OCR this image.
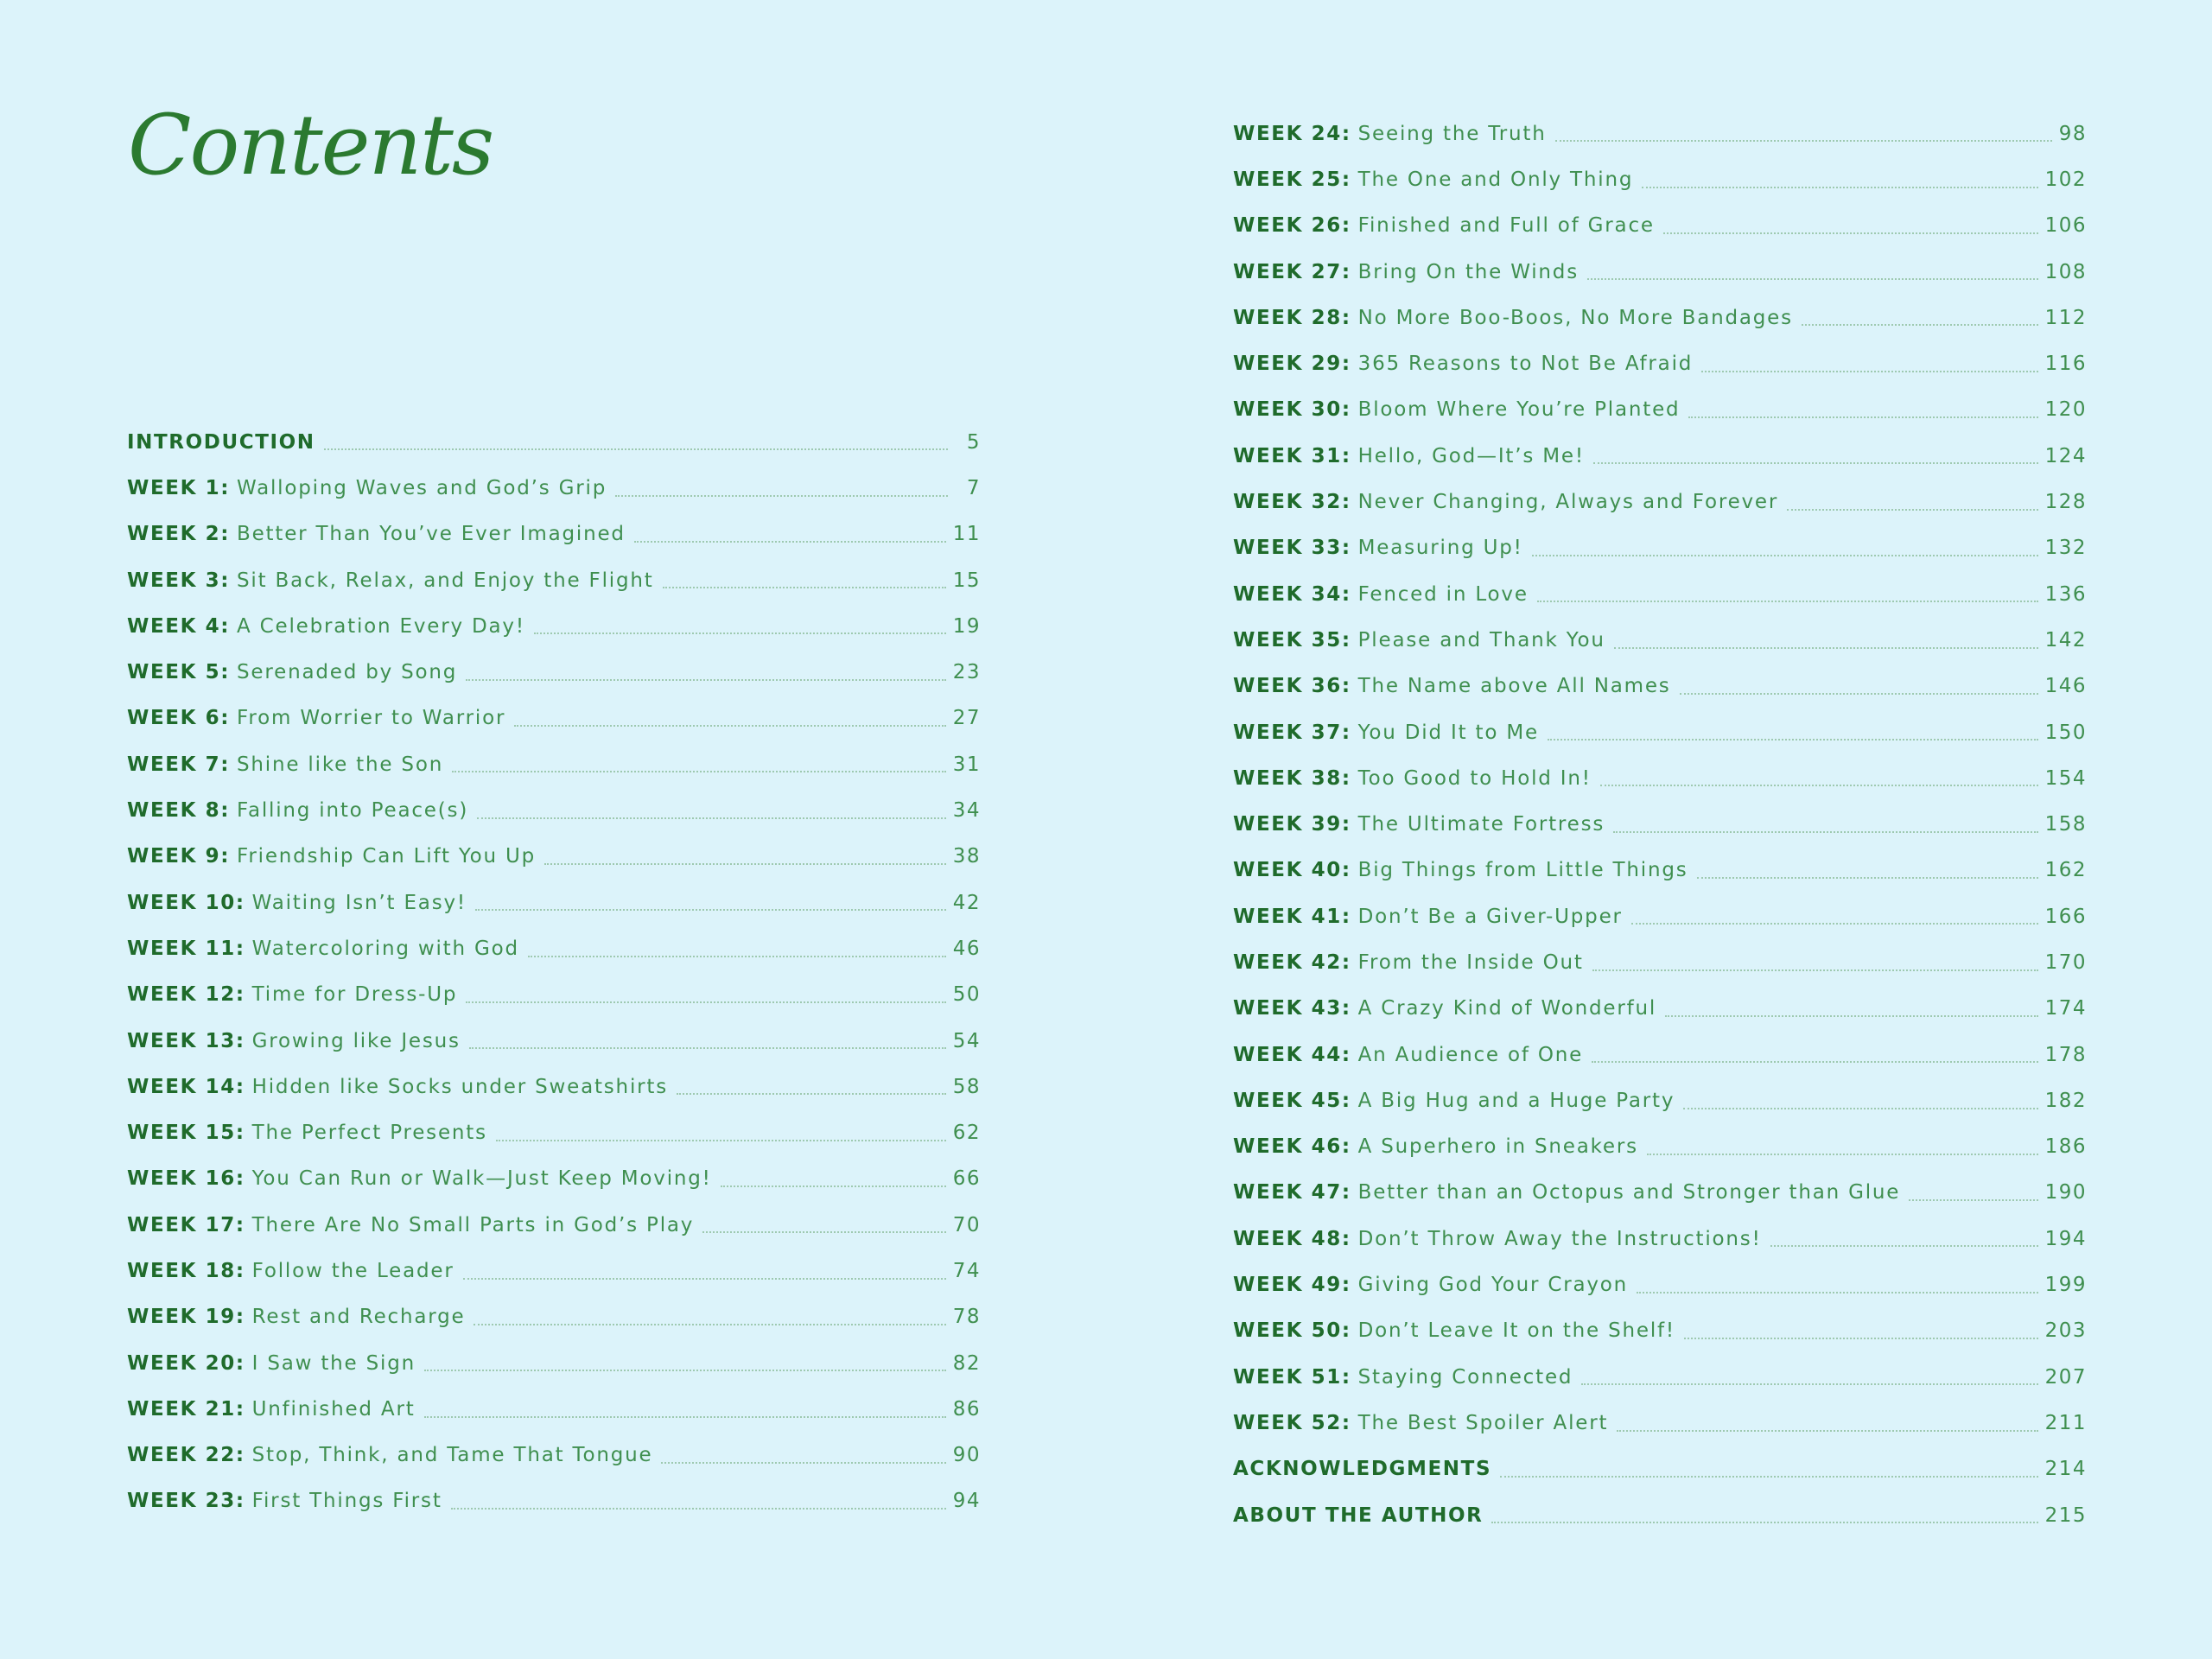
Contents
INTRODUCTION	5
WEEK 1: Walloping Waves and God’s Grip	7
WEEK 2: Better Than You’ve Ever Imagined	11
WEEK 3: Sit Back, Relax, and Enjoy the Flight	15
WEEK 4: A Celebration Every Day!	19
WEEK 5: Serenaded by Song	23
WEEK 6: From Worrier to Warrior	27
WEEK 7: Shine like the Son	31
WEEK 8: Falling into Peace(s)	34
WEEK 9: Friendship Can Lift You Up	38
WEEK 10: Waiting Isn’t Easy!	42
WEEK 11: Watercoloring with God	46
WEEK 12: Time for Dress-Up	50
WEEK 13: Growing like Jesus	54
WEEK 14: Hidden like Socks under Sweatshirts	58
WEEK 15: The Perfect Presents	62
WEEK 16: You Can Run or Walk—Just Keep Moving!	66
WEEK 17: There Are No Small Parts in God’s Play	70
WEEK 18: Follow the Leader	74
WEEK 19: Rest and Recharge	78
WEEK 20: I Saw the Sign	82
WEEK 21: Unfinished Art	86
WEEK 22: Stop, Think, and Tame That Tongue	90
WEEK 23: First Things First	94
WEEK 24: Seeing the Truth	98
WEEK 25: The One and Only Thing	102
WEEK 26: Finished and Full of Grace	106
WEEK 27: Bring On the Winds	108
WEEK 28: No More Boo-Boos, No More Bandages	112
WEEK 29: 365 Reasons to Not Be Afraid	116
WEEK 30: Bloom Where You’re Planted	120
WEEK 31: Hello, God—It’s Me!	124
WEEK 32: Never Changing, Always and Forever	128
WEEK 33: Measuring Up!	132
WEEK 34: Fenced in Love	136
WEEK 35: Please and Thank You	142
WEEK 36: The Name above All Names	146
WEEK 37: You Did It to Me	150
WEEK 38: Too Good to Hold In!	154
WEEK 39: The Ultimate Fortress	158
WEEK 40: Big Things from Little Things	162
WEEK 41: Don’t Be a Giver-Upper	166
WEEK 42: From the Inside Out	170
WEEK 43: A Crazy Kind of Wonderful	174
WEEK 44: An Audience of One	178
WEEK 45: A Big Hug and a Huge Party	182
WEEK 46: A Superhero in Sneakers	186
WEEK 47: Better than an Octopus and Stronger than Glue	190
WEEK 48: Don’t Throw Away the Instructions!	194
WEEK 49: Giving God Your Crayon	199
WEEK 50: Don’t Leave It on the Shelf!	203
WEEK 51: Staying Connected	207
WEEK 52: The Best Spoiler Alert	211
ACKNOWLEDGMENTS	214
ABOUT THE AUTHOR	215
